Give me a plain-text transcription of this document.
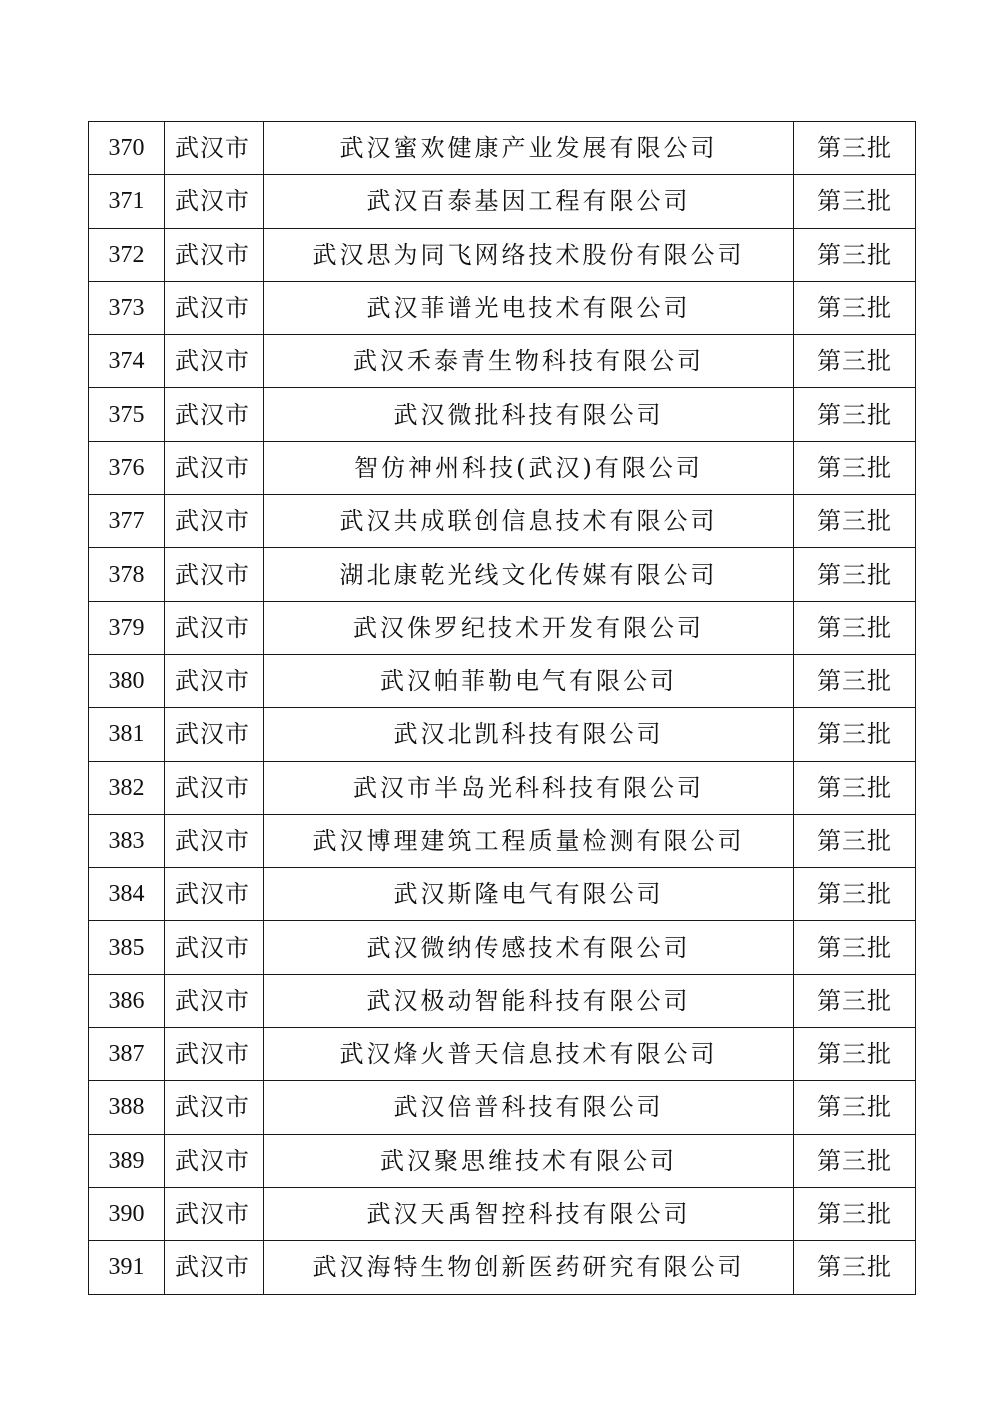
370	武汉市	武汉蜜欢健康产业发展有限公司	第三批
371	武汉市	武汉百泰基因工程有限公司	第三批
372	武汉市	武汉思为同飞网络技术股份有限公司	第三批
373	武汉市	武汉菲谱光电技术有限公司	第三批
374	武汉市	武汉禾泰青生物科技有限公司	第三批
375	武汉市	武汉微批科技有限公司	第三批
376	武汉市	智仿神州科技(武汉)有限公司	第三批
377	武汉市	武汉共成联创信息技术有限公司	第三批
378	武汉市	湖北康乾光线文化传媒有限公司	第三批
379	武汉市	武汉侏罗纪技术开发有限公司	第三批
380	武汉市	武汉帕菲勒电气有限公司	第三批
381	武汉市	武汉北凯科技有限公司	第三批
382	武汉市	武汉市半岛光科科技有限公司	第三批
383	武汉市	武汉博理建筑工程质量检测有限公司	第三批
384	武汉市	武汉斯隆电气有限公司	第三批
385	武汉市	武汉微纳传感技术有限公司	第三批
386	武汉市	武汉极动智能科技有限公司	第三批
387	武汉市	武汉烽火普天信息技术有限公司	第三批
388	武汉市	武汉倍普科技有限公司	第三批
389	武汉市	武汉聚思维技术有限公司	第三批
390	武汉市	武汉天禹智控科技有限公司	第三批
391	武汉市	武汉海特生物创新医药研究有限公司	第三批
